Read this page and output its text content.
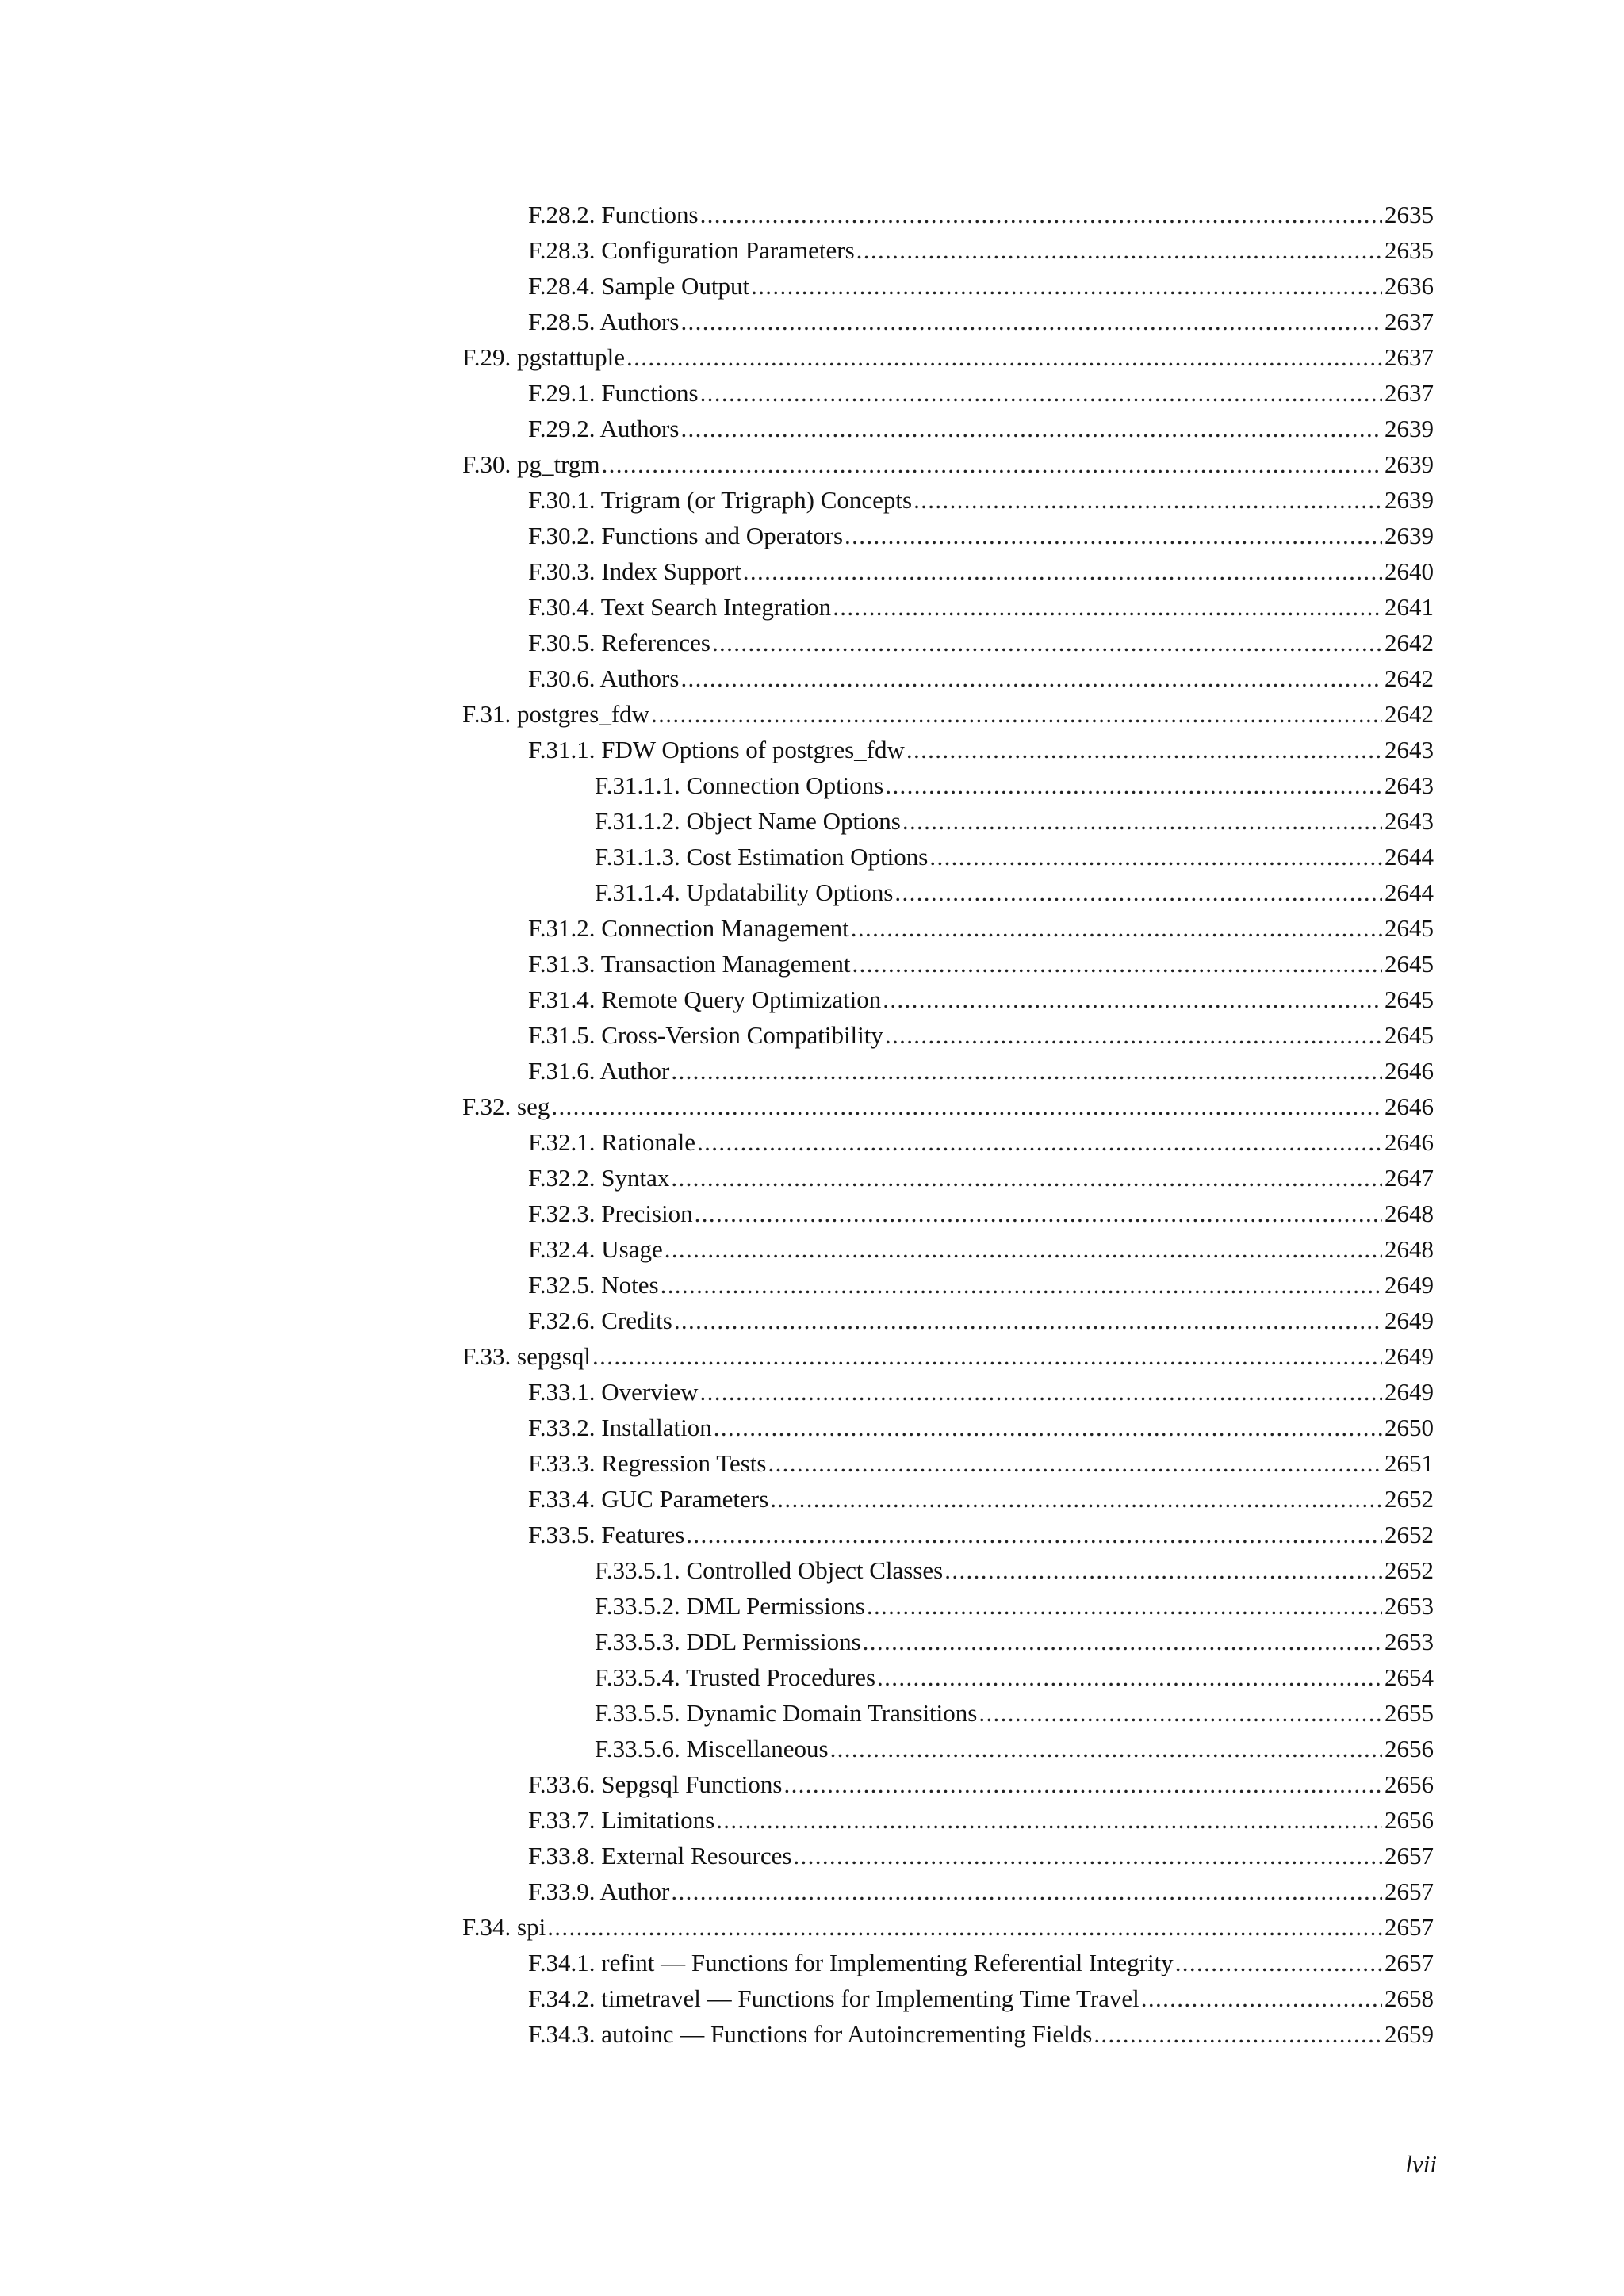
F.28.2. Functions . . .	2635
F.28.3. Configuration Parameters . . .	2635
F.28.4. Sample Output . . .	2636
F.28.5. Authors . . .	2637
F.29. pgstattuple . . .	2637
F.29.1. Functions . . .	2637
F.29.2. Authors . . .	2639
F.30. pg_trgm . . .	2639
F.30.1. Trigram (or Trigraph) Concepts . . .	2639
F.30.2. Functions and Operators . . .	2639
F.30.3. Index Support . . .	2640
F.30.4. Text Search Integration . . .	2641
F.30.5. References . . .	2642
F.30.6. Authors . . .	2642
F.31. postgres_fdw . . .	2642
F.31.1. FDW Options of postgres_fdw . . .	2643
F.31.1.1. Connection Options . . .	2643
F.31.1.2. Object Name Options . . .	2643
F.31.1.3. Cost Estimation Options . . .	2644
F.31.1.4. Updatability Options . . .	2644
F.31.2. Connection Management . . .	2645
F.31.3. Transaction Management . . .	2645
F.31.4. Remote Query Optimization . . .	2645
F.31.5. Cross-Version Compatibility . . .	2645
F.31.6. Author . . .	2646
F.32. seg . . .	2646
F.32.1. Rationale . . .	2646
F.32.2. Syntax . . .	2647
F.32.3. Precision . . .	2648
F.32.4. Usage . . .	2648
F.32.5. Notes . . .	2649
F.32.6. Credits . . .	2649
F.33. sepgsql . . .	2649
F.33.1. Overview . . .	2649
F.33.2. Installation . . .	2650
F.33.3. Regression Tests . . .	2651
F.33.4. GUC Parameters . . .	2652
F.33.5. Features . . .	2652
F.33.5.1. Controlled Object Classes . . .	2652
F.33.5.2. DML Permissions . . .	2653
F.33.5.3. DDL Permissions . . .	2653
F.33.5.4. Trusted Procedures . . .	2654
F.33.5.5. Dynamic Domain Transitions . . .	2655
F.33.5.6. Miscellaneous . . .	2656
F.33.6. Sepgsql Functions . . .	2656
F.33.7. Limitations . . .	2656
F.33.8. External Resources . . .	2657
F.33.9. Author . . .	2657
F.34. spi . . .	2657
F.34.1. refint — Functions for Implementing Referential Integrity . . .	2657
F.34.2. timetravel — Functions for Implementing Time Travel . . .	2658
F.34.3. autoinc — Functions for Autoincrementing Fields . . .	2659
lvii
